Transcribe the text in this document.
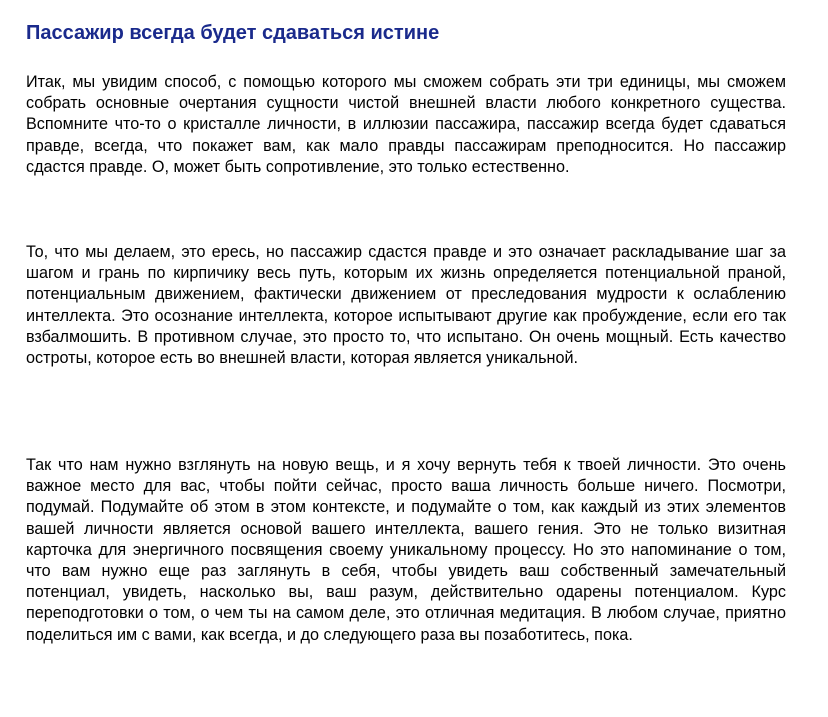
Пассажир всегда будет сдаваться истине

Итак, мы увидим способ, с помощью которого мы сможем собрать эти три единицы, мы сможем собрать основные очертания сущности чистой внешней власти любого конкретного существа. Вспомните что-то о кристалле личности, в иллюзии пассажира, пассажир всегда будет сдаваться правде, всегда, что покажет вам, как мало правды пассажирам преподносится. Но пассажир сдастся правде. О, может быть сопротивление, это только естественно.

То, что мы делаем, это ересь, но пассажир сдастся правде и это означает раскладывание шаг за шагом и грань по кирпичику весь путь, которым их жизнь определяется потенциальной праной, потенциальным движением, фактически движением от преследования мудрости к ослаблению интеллекта. Это осознание интеллекта, которое испытывают другие как пробуждение, если его так взбалмошить. В противном случае, это просто то, что испытано. Он очень мощный. Есть качество остроты, которое есть во внешней власти, которая является уникальной.

Так что нам нужно взглянуть на новую вещь, и я хочу вернуть тебя к твоей личности. Это очень важное место для вас, чтобы пойти сейчас, просто ваша личность больше ничего. Посмотри, подумай. Подумайте об этом в этом контексте, и подумайте о том, как каждый из этих элементов вашей личности является основой вашего интеллекта, вашего гения. Это не только визитная карточка для энергичного посвящения своему уникальному процессу. Но это напоминание о том, что вам нужно еще раз заглянуть в себя, чтобы увидеть ваш собственный замечательный потенциал, увидеть, насколько вы, ваш разум, действительно одарены потенциалом. Курс переподготовки о том, о чем ты на самом деле, это отличная медитация. В любом случае, приятно поделиться им с вами, как всегда, и до следующего раза вы позаботитесь, пока.
